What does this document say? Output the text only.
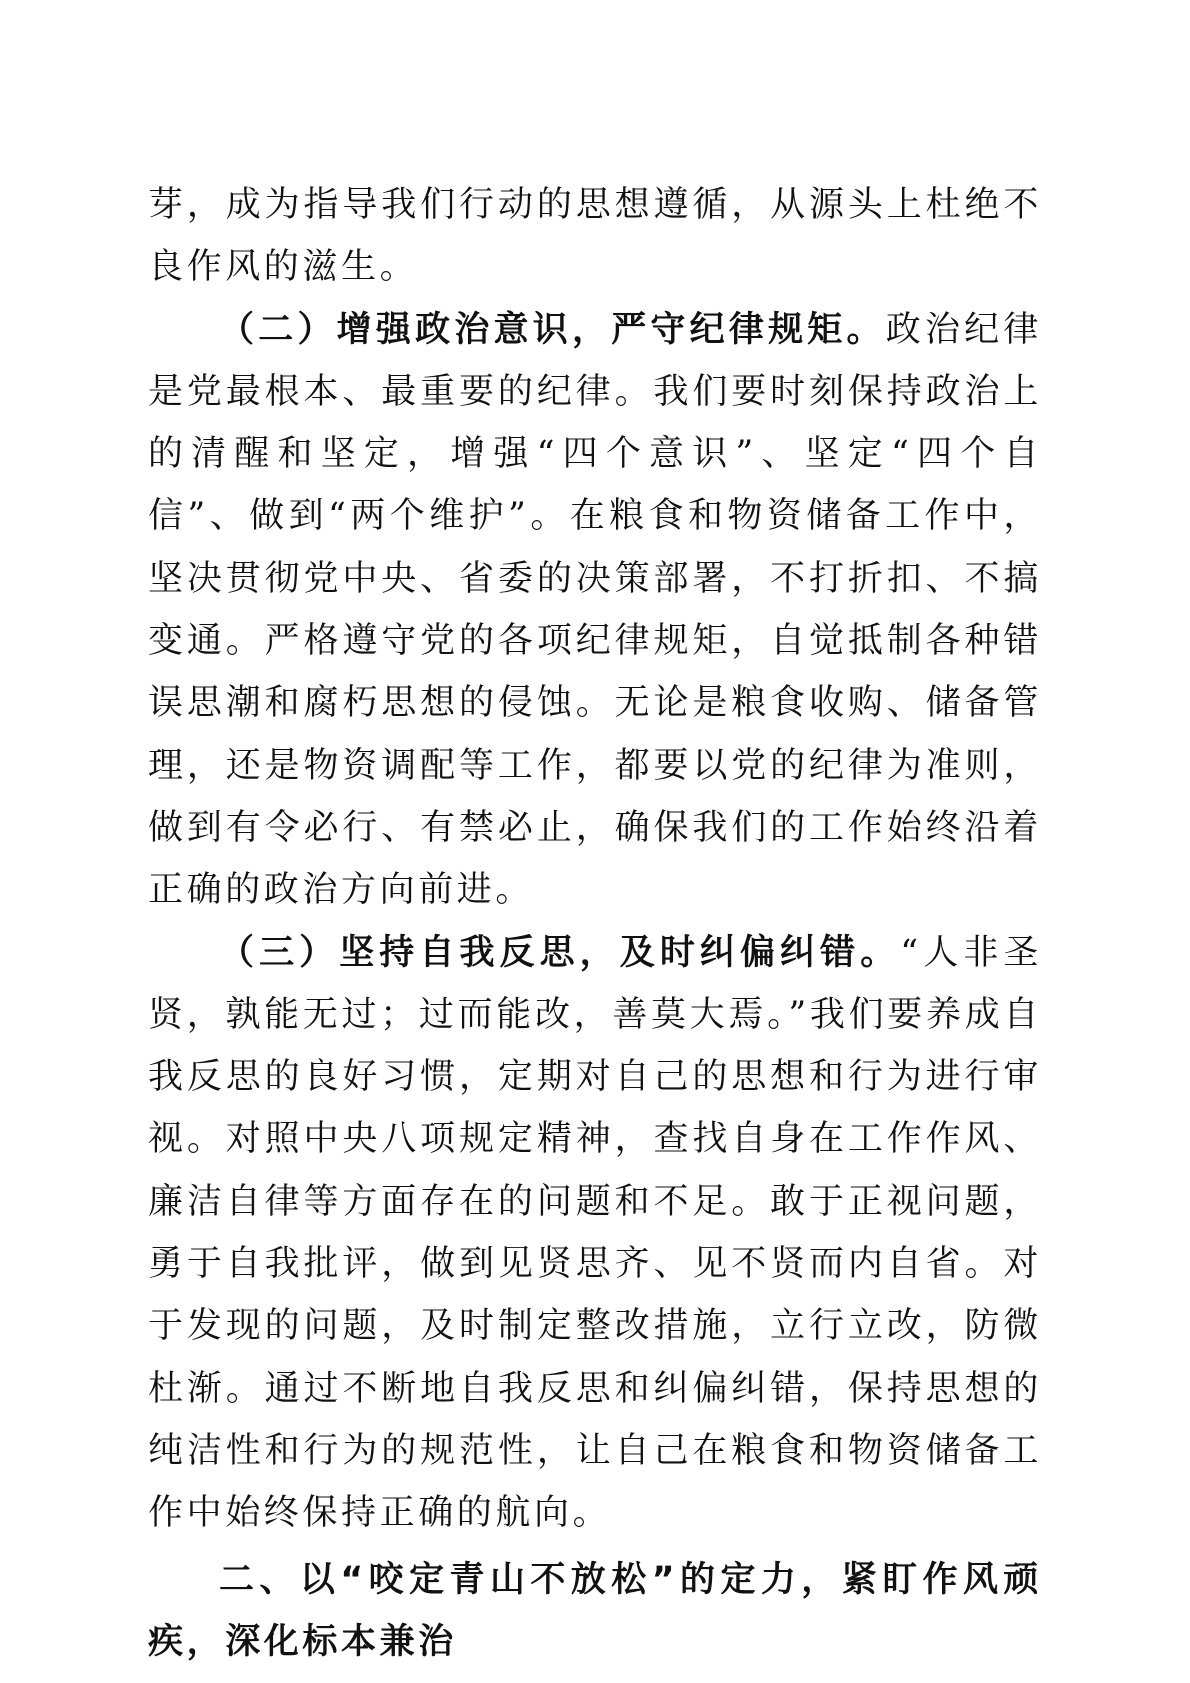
芽，成为指导我们行动的思想遵循，从源头上杜绝不良作风的滋生。

（二）增强政治意识，严守纪律规矩。政治纪律是党最根本、最重要的纪律。我们要时刻保持政治上的清醒和坚定，增强“四个意识”、坚定“四个自信”、做到“两个维护”。在粮食和物资储备工作中，坚决贯彻党中央、省委的决策部署，不打折扣、不搞变通。严格遵守党的各项纪律规矩，自觉抵制各种错误思潮和腐朽思想的侵蚀。无论是粮食收购、储备管理，还是物资调配等工作，都要以党的纪律为准则，做到有令必行、有禁必止，确保我们的工作始终沿着正确的政治方向前进。

（三）坚持自我反思，及时纠偏纠错。“人非圣贤，孰能无过；过而能改，善莫大焉。”我们要养成自我反思的良好习惯，定期对自己的思想和行为进行审视。对照中央八项规定精神，查找自身在工作作风、廉洁自律等方面存在的问题和不足。敢于正视问题，勇于自我批评，做到见贤思齐、见不贤而内自省。对于发现的问题，及时制定整改措施，立行立改，防微杜渐。通过不断地自我反思和纠偏纠错，保持思想的纯洁性和行为的规范性，让自己在粮食和物资储备工作中始终保持正确的航向。

二、以“咬定青山不放松”的定力，紧盯作风顽疾，深化标本兼治
